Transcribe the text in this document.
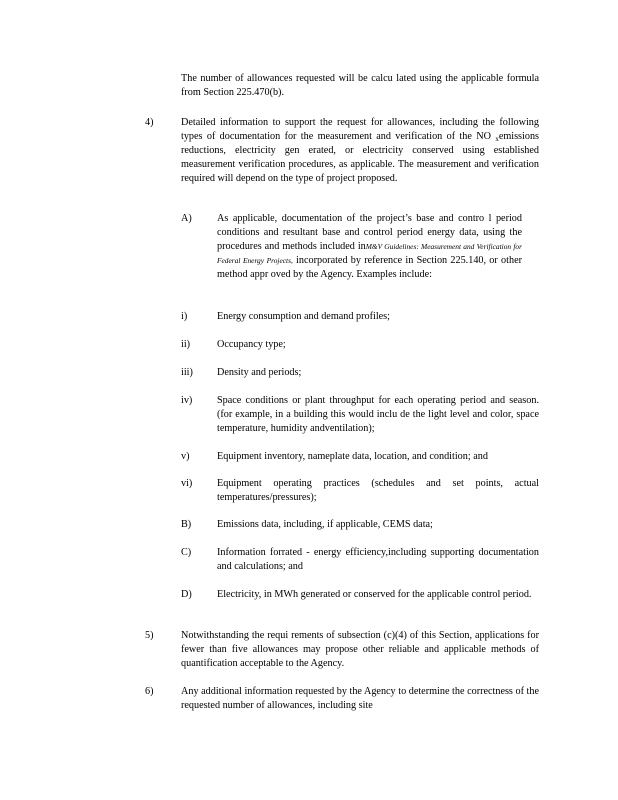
The number of allowances requested will be calcu lated using the applicable formula from Section 225.470(b).
4)	Detailed information to support the request for allowances, including the following types of documentation for the measurement and verification of the NO $_x$emissions reductions, electricity gen erated, or electricity conserved using established measurement verification procedures, as applicable. The measurement and verification required will depend on the type of project proposed.
A) As applicable, documentation of the project’s base and contro l period conditions and resultant base and control period energy data, using the procedures and methods included inM&V Guidelines: Measurement and Verification for Federal Energy Projects, incorporated by reference in Section 225.140, or other method appr oved by the Agency. Examples include:
i)	Energy consumption and demand profiles;
ii)	Occupancy type;
iii) Density and periods;
iv) Space conditions or plant throughput for each operating period and season. (for example, in a building this would inclu de the light level and color, space temperature, humidity andventilation);
v)	Equipment inventory, nameplate data, location, and condition; and
vi) Equipment operating practices (schedules and set points, actual temperatures/pressures);
B)	Emissions data, including, if applicable, CEMS data;
C)	Information forrated - energy efficiency,including supporting documentation and calculations; and
D) Electricity, in MWh generated or conserved for the applicable control period.
5)	Notwithstanding the requi rements of subsection (c)(4) of this Section, applications for fewer than five allowances may propose other reliable and applicable methods of quantification acceptable to the Agency.
6)	Any additional information requested by the Agency to determine the correctness of the requested number of allowances, including site
